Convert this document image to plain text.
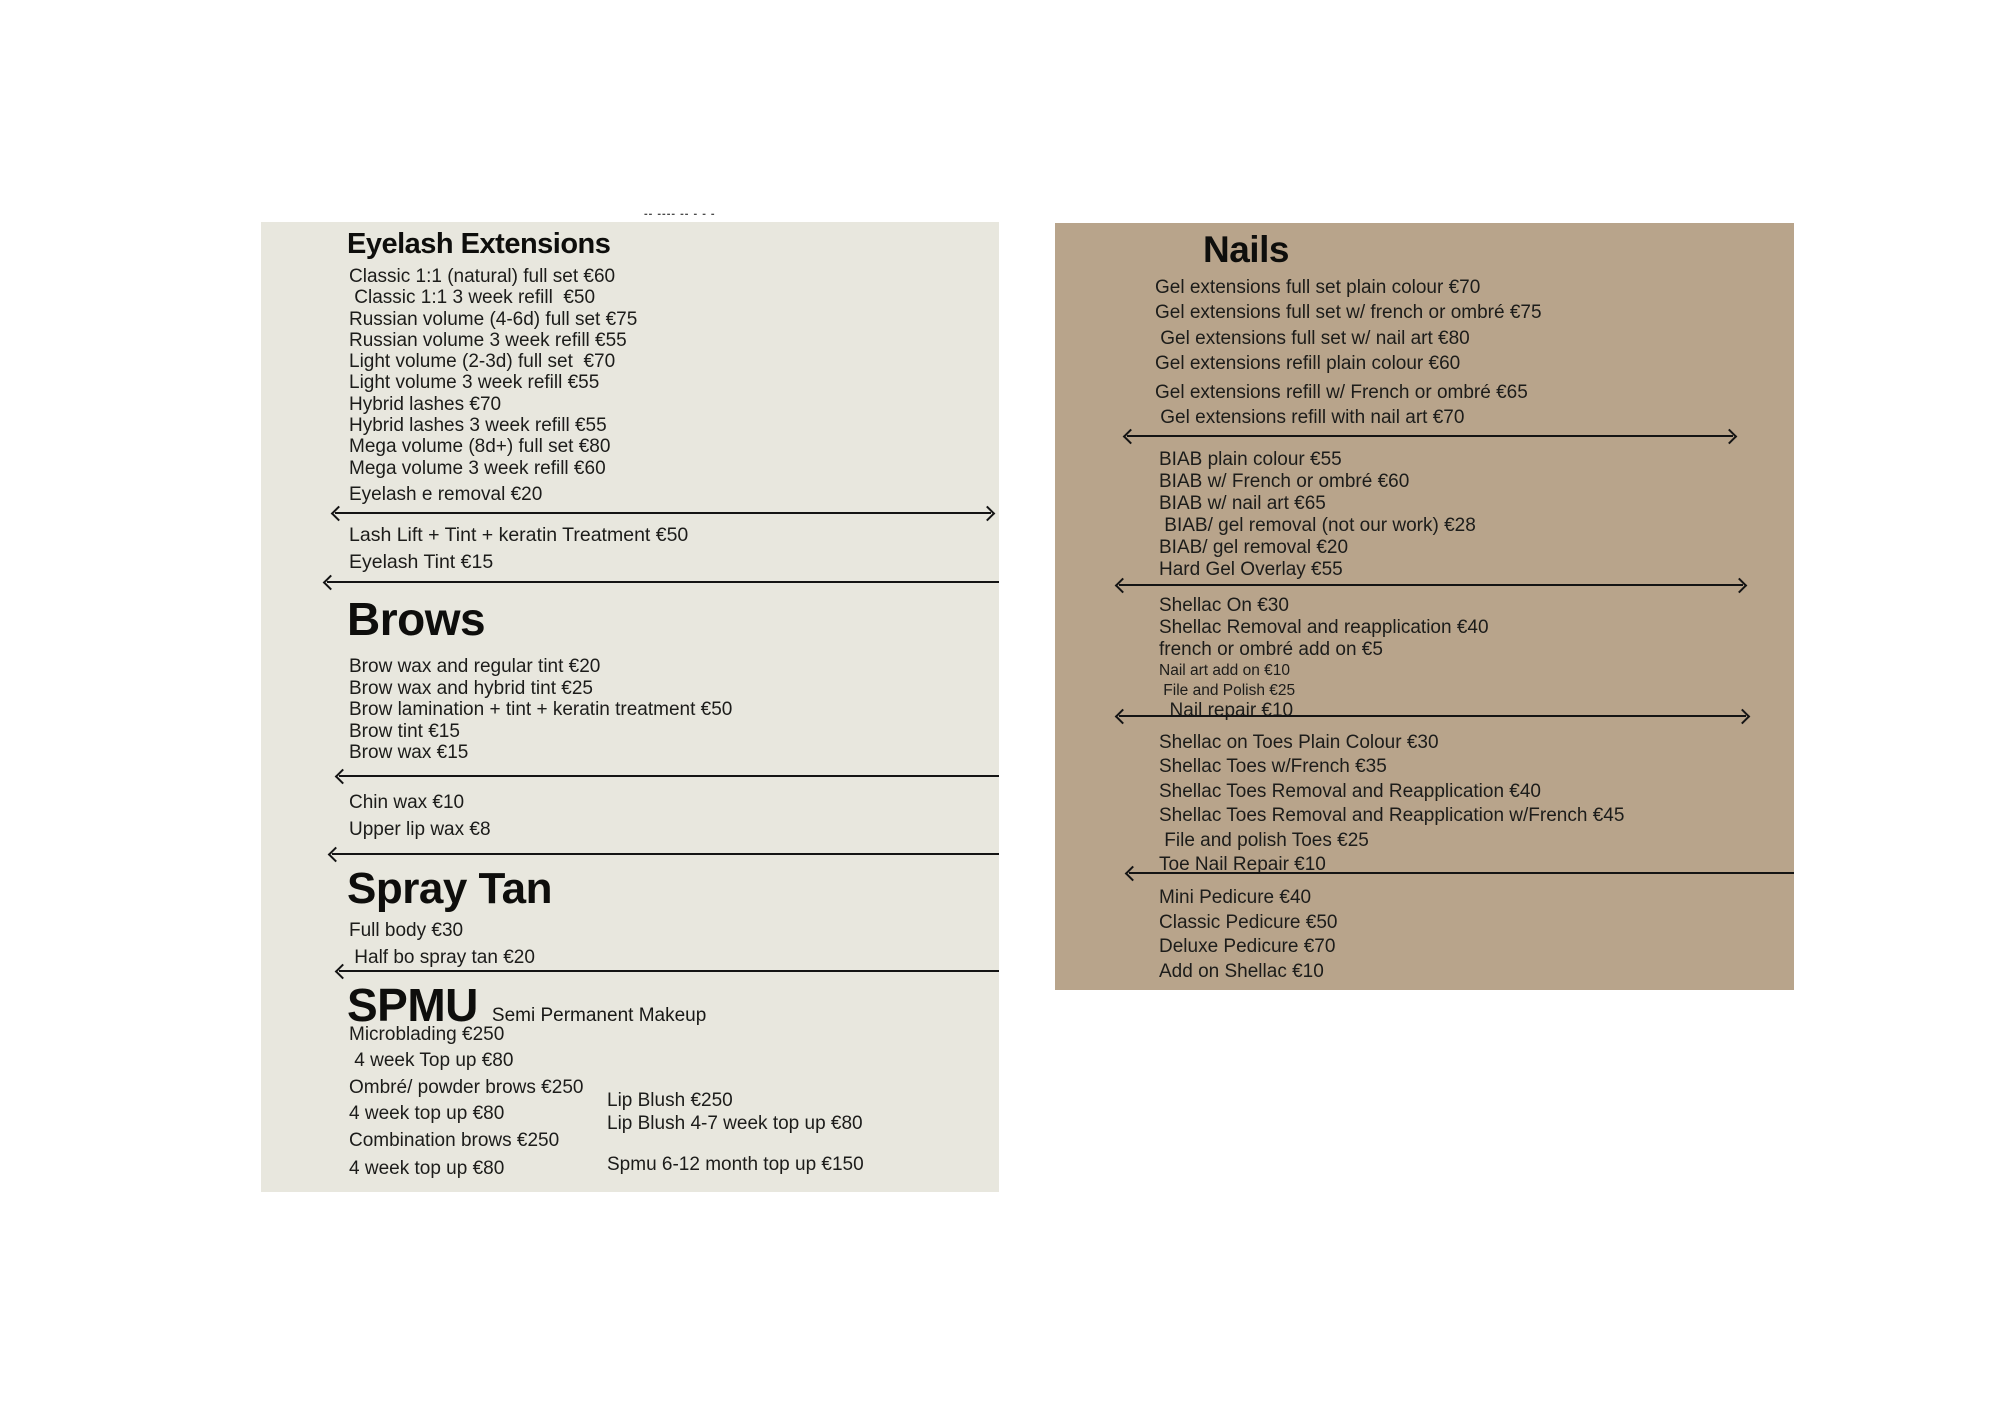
-- ---- -- - - -
Eyelash Extensions
Classic 1:1 (natural) full set €60
Classic 1:1 3 week refill  €50
Russian volume (4-6d) full set €75
Russian volume 3 week refill €55
Light volume (2-3d) full set  €70
Light volume 3 week refill €55
Hybrid lashes €70
Hybrid lashes 3 week refill €55
Mega volume (8d+) full set €80
Mega volume 3 week refill €60
Eyelash e removal €20
Lash Lift + Tint + keratin Treatment €50
Eyelash Tint €15
Brows
Brow wax and regular tint €20
Brow wax and hybrid tint €25
Brow lamination + tint + keratin treatment €50
Brow tint €15
Brow wax €15
Chin wax €10
Upper lip wax €8
Spray Tan
Full body €30
Half bo spray tan €20
SPMU Semi Permanent Makeup
Microblading €250
4 week Top up €80
Ombré/ powder brows €250
4 week top up €80
Combination brows €250
4 week top up €80
Lip Blush €250
Lip Blush 4-7 week top up €80
Spmu 6-12 month top up €150
Nails
Gel extensions full set plain colour €70
Gel extensions full set w/ french or ombré €75
Gel extensions full set w/ nail art €80
Gel extensions refill plain colour €60
Gel extensions refill w/ French or ombré €65
Gel extensions refill with nail art €70
BIAB plain colour €55
BIAB w/ French or ombré €60
BIAB w/ nail art €65
BIAB/ gel removal (not our work) €28
BIAB/ gel removal €20
Hard Gel Overlay €55
Shellac On €30
Shellac Removal and reapplication €40
french or ombré add on €5
Nail art add on €10
File and Polish €25
Nail repair €10
Shellac on Toes Plain Colour €30
Shellac Toes w/French €35
Shellac Toes Removal and Reapplication €40
Shellac Toes Removal and Reapplication w/French €45
File and polish Toes €25
Toe Nail Repair €10
Mini Pedicure €40
Classic Pedicure €50
Deluxe Pedicure €70
Add on Shellac €10
